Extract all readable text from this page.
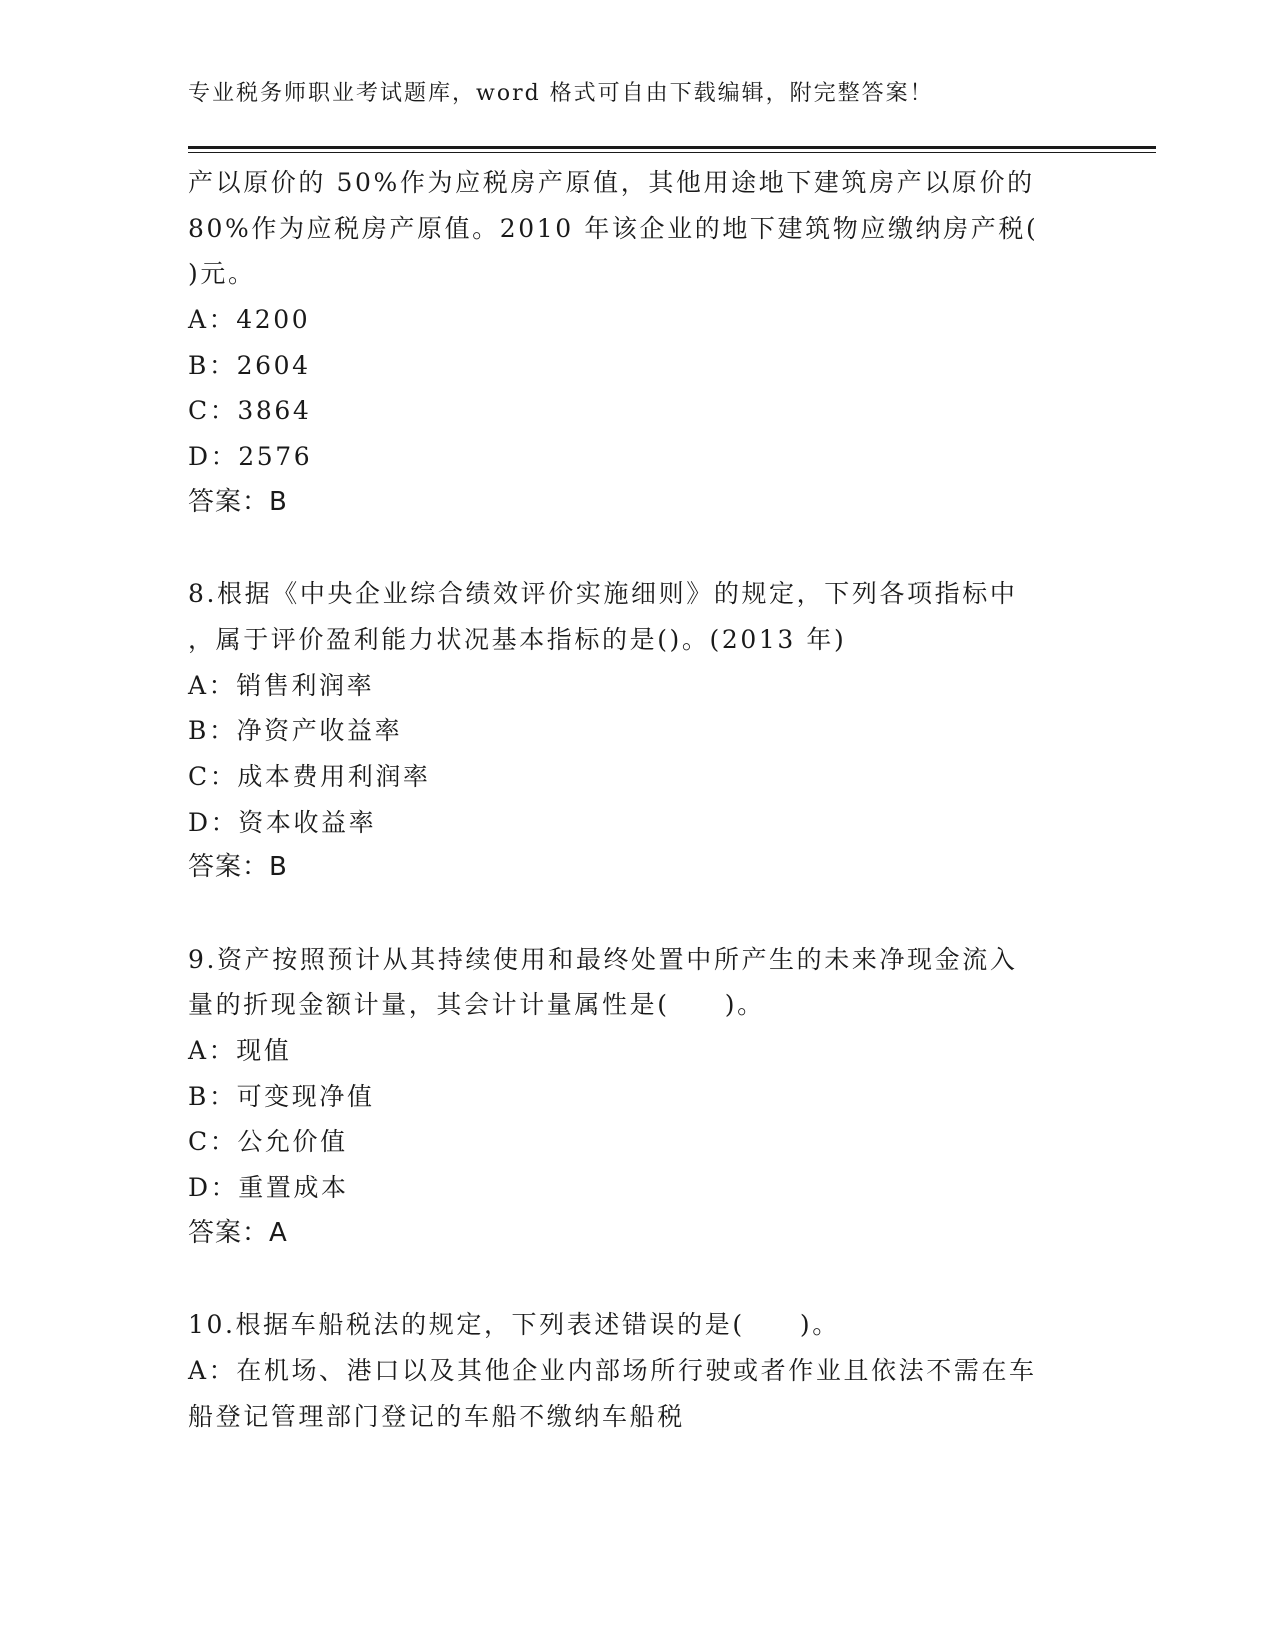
专业税务师职业考试题库，word 格式可自由下载编辑，附完整答案！
产以原价的 50%作为应税房产原值，其他用途地下建筑房产以原价的
80%作为应税房产原值。2010 年该企业的地下建筑物应缴纳房产税(
)元。
A：4200
B：2604
C：3864
D：2576
答案：B
8.根据《中央企业综合绩效评价实施细则》的规定，下列各项指标中
，属于评价盈利能力状况基本指标的是()。(2013 年)
A：销售利润率
B：净资产收益率
C：成本费用利润率
D：资本收益率
答案：B
9.资产按照预计从其持续使用和最终处置中所产生的未来净现金流入
量的折现金额计量，其会计计量属性是(　　)。
A：现值
B：可变现净值
C：公允价值
D：重置成本
答案：A
10.根据车船税法的规定，下列表述错误的是(　　)。
A：在机场、港口以及其他企业内部场所行驶或者作业且依法不需在车
船登记管理部门登记的车船不缴纳车船税
